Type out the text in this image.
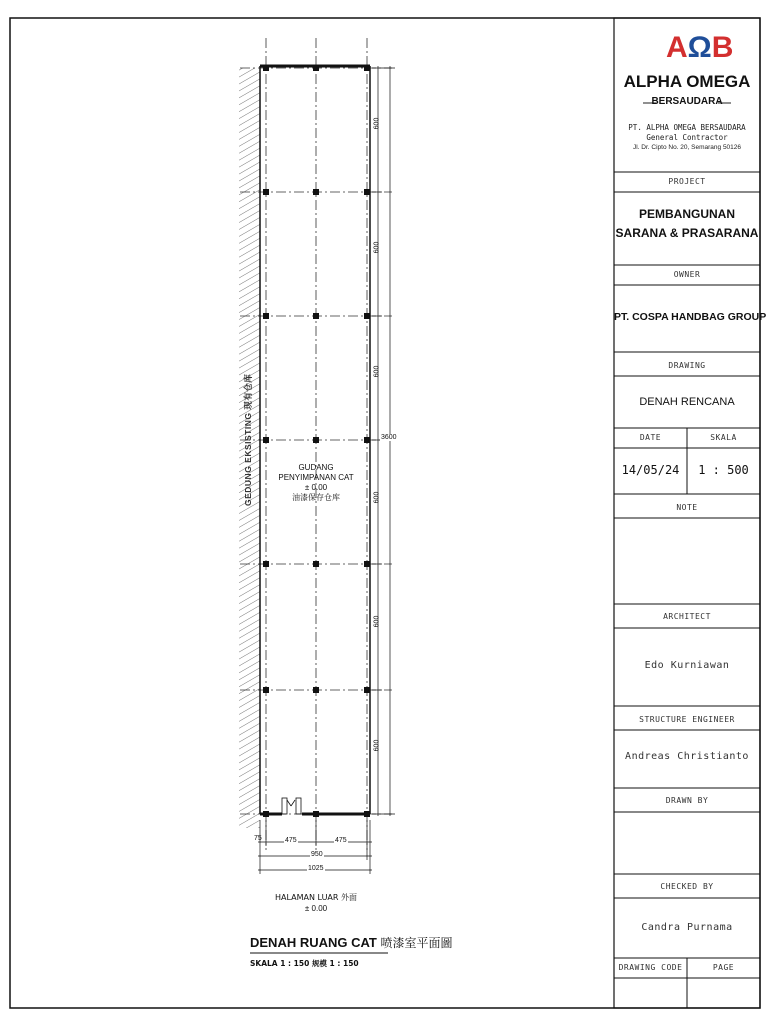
AΩB
ALPHA OMEGA
BERSAUDARA
PT. ALPHA OMEGA BERSAUDARA
General Contractor
Jl. Dr. Cipto No. 20, Semarang 50126
PROJECT
PEMBANGUNAN
SARANA & PRASARANA
OWNER
PT. COSPA HANDBAG GROUP
DRAWING
DENAH RENCANA
DATE	SKALA
14/05/24	1 : 500
NOTE
ARCHITECT
Edo Kurniawan
STRUCTURE ENGINEER
Andreas Christianto
DRAWN BY
CHECKED BY
Candra Purnama
DRAWING CODE	PAGE
GEDUNG EKSISTING 现有仓库	GUDANG
PENYIMPANAN CAT
± 0.00
油漆保存仓库
600
600
600
600
600
600
3600
75	475	475
950
1025
HALAMAN LUAR 外面
± 0.00
DENAH RUANG CAT 喷漆室平面圖
SKALA 1 : 150 规模 1 : 150
